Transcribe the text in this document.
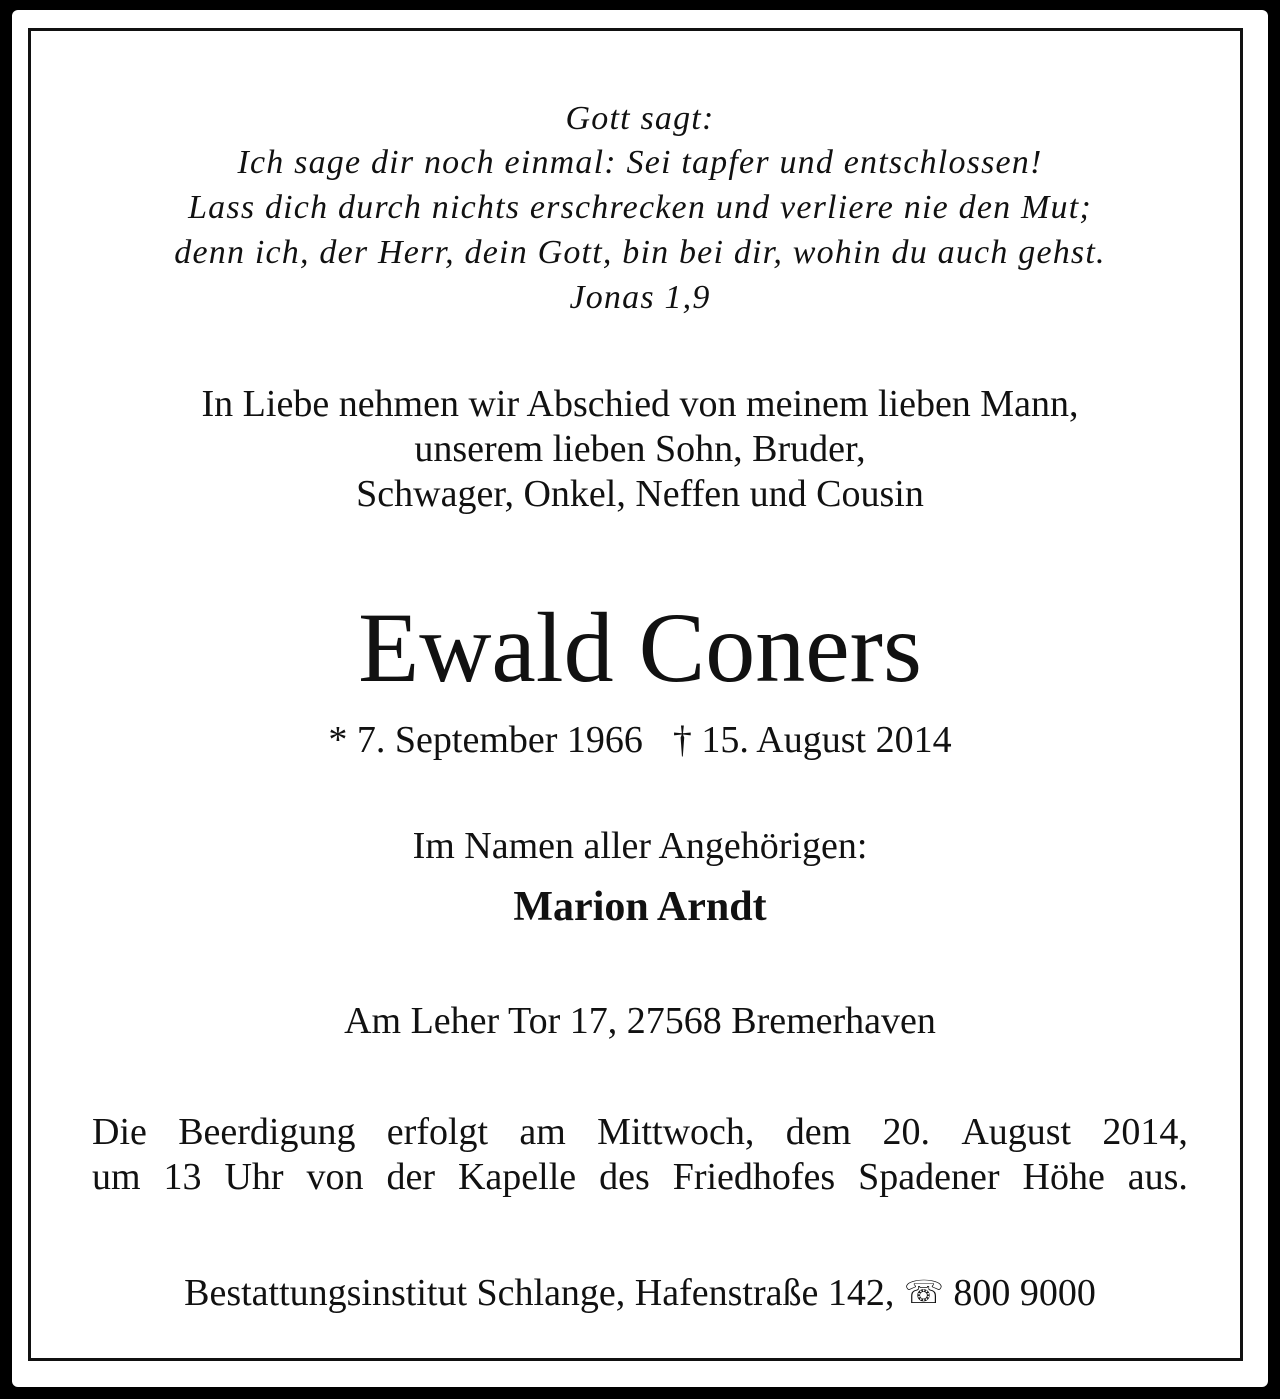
Gott sagt:
Ich sage dir noch einmal: Sei tapfer und entschlossen!
Lass dich durch nichts erschrecken und verliere nie den Mut;
denn ich, der Herr, dein Gott, bin bei dir, wohin du auch gehst.
Jonas 1,9
In Liebe nehmen wir Abschied von meinem lieben Mann,
unserem lieben Sohn, Bruder,
Schwager, Onkel, Neffen und Cousin
Ewald Coners
* 7. September 1966 † 15. August 2014
Im Namen aller Angehörigen:
Marion Arndt
Am Leher Tor 17, 27568 Bremerhaven
Die Beerdigung erfolgt am Mittwoch, dem 20. August 2014,
um 13 Uhr von der Kapelle des Friedhofes Spadener Höhe aus.
Bestattungsinstitut Schlange, Hafenstraße 142, ☏ 800 9000
